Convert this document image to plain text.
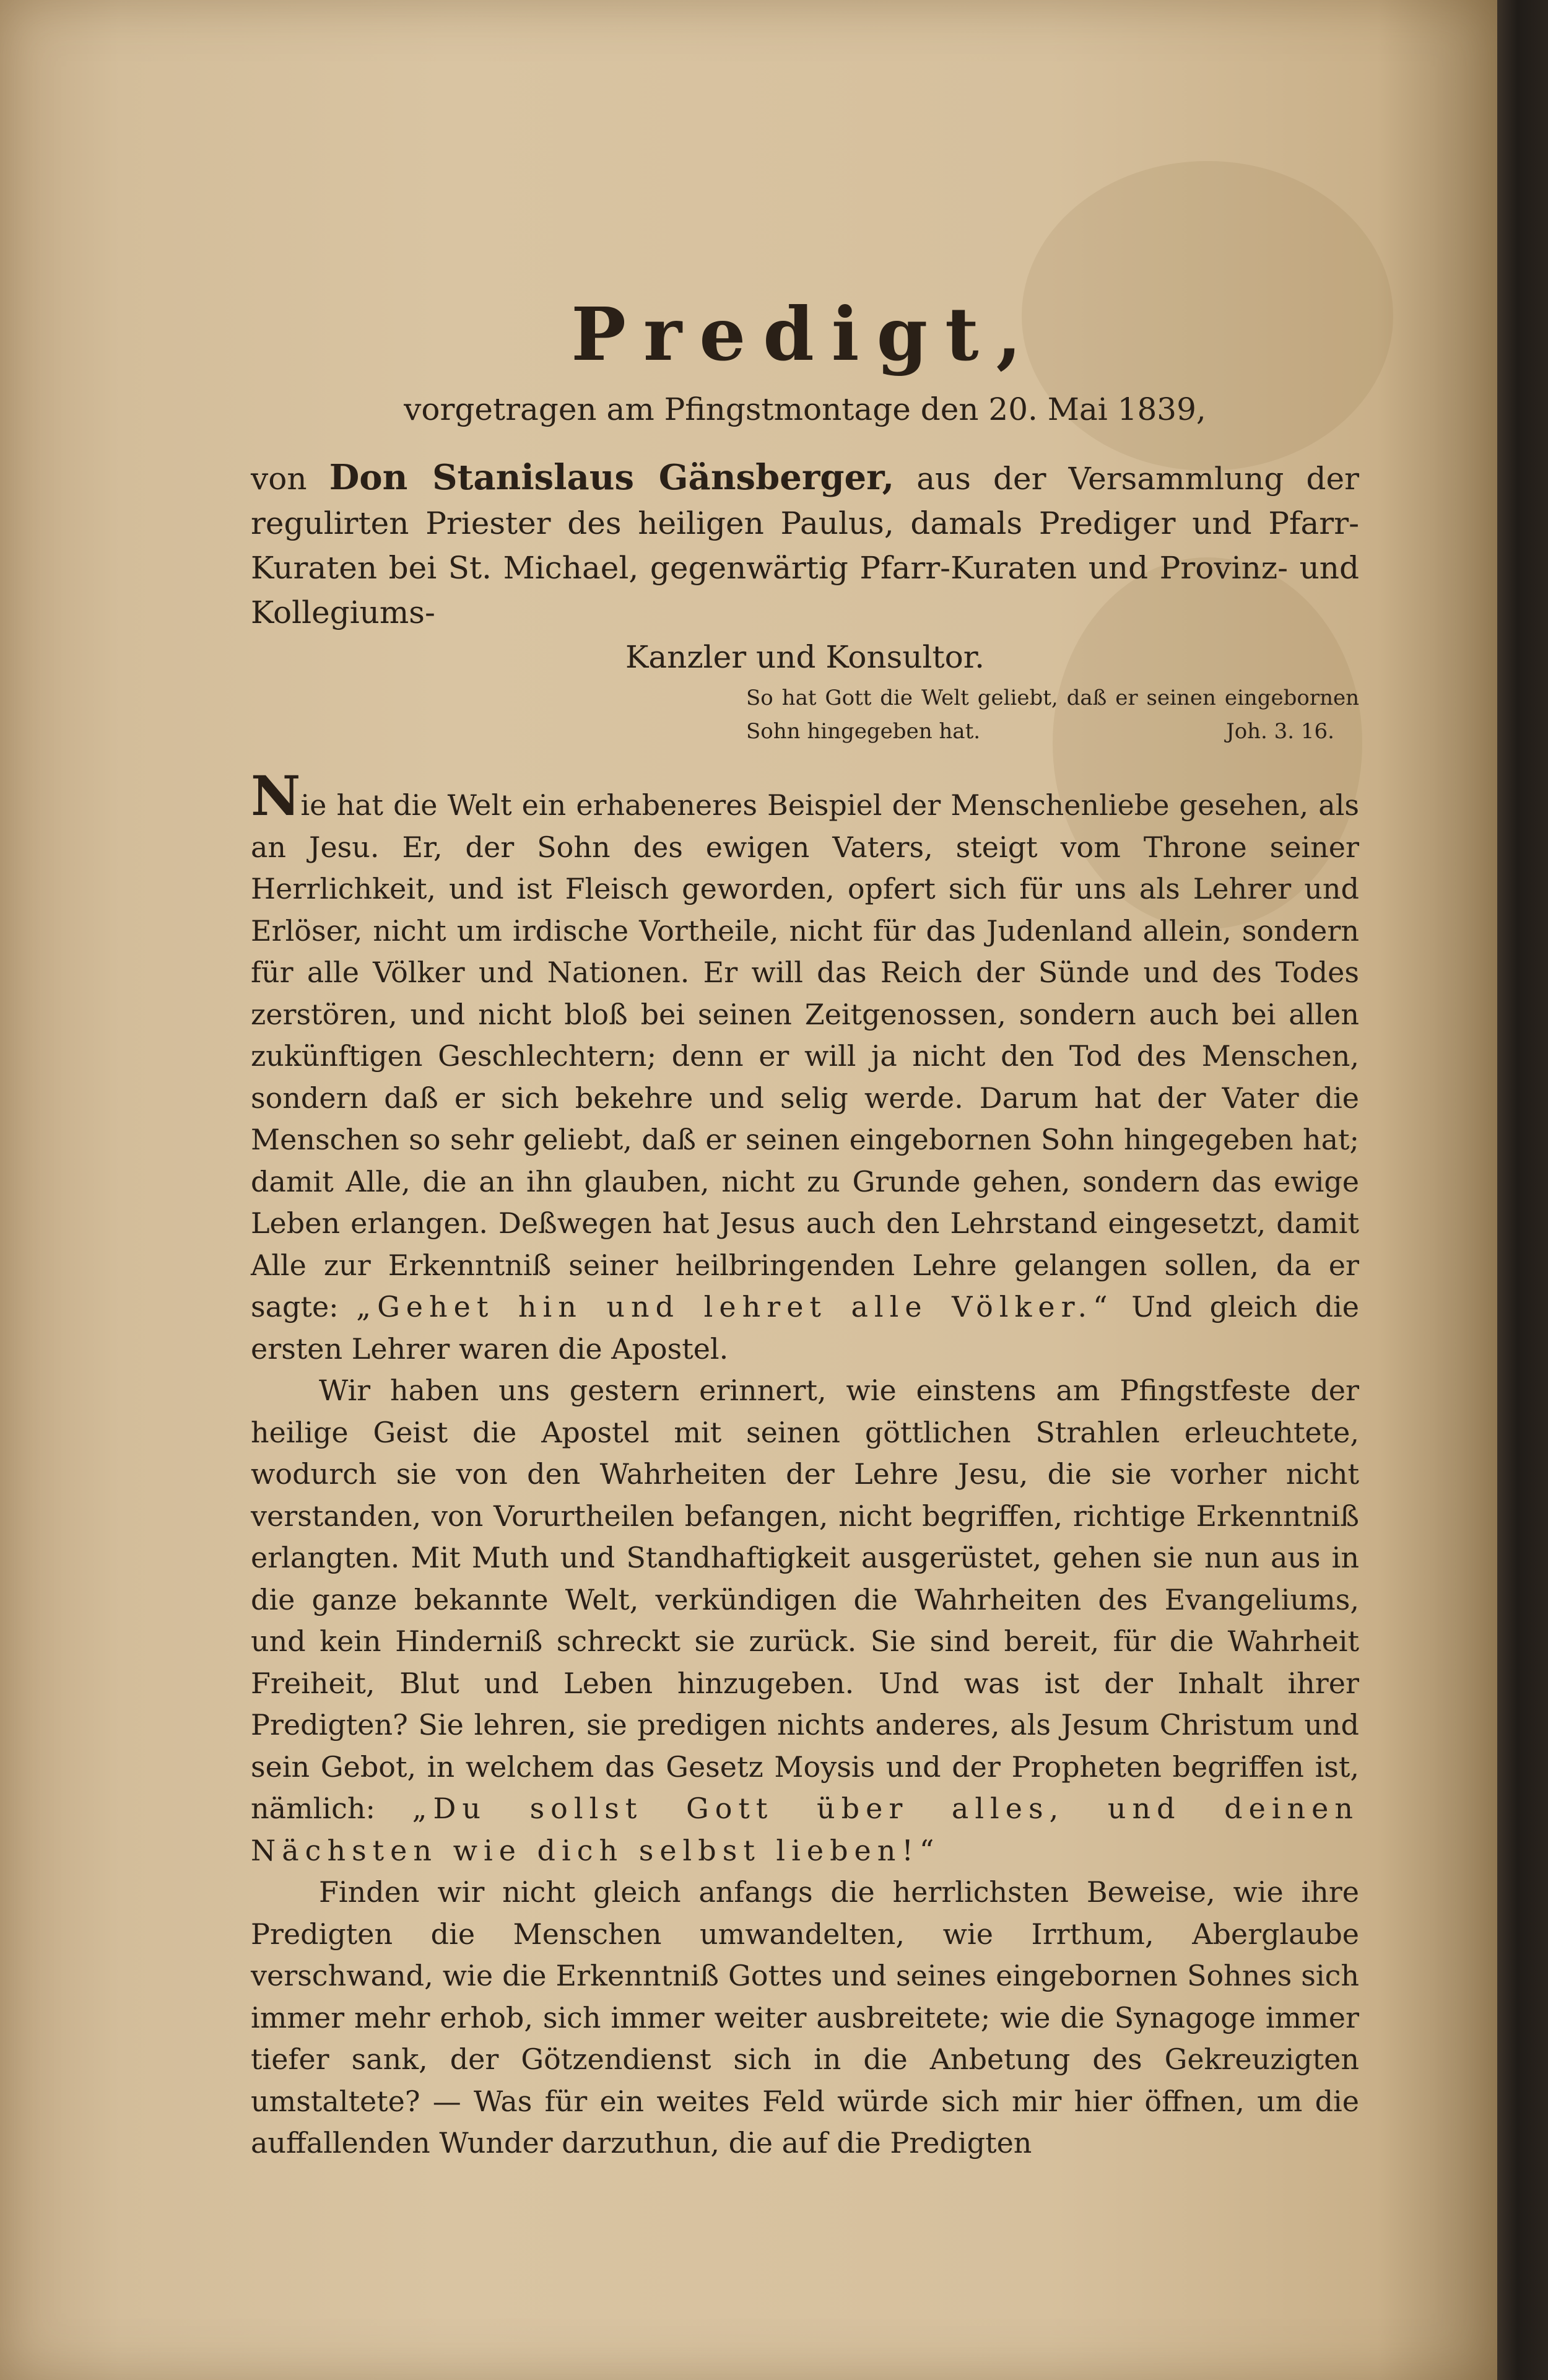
Predigt,
vorgetragen am Pfingstmontage den 20. Mai 1839,
von Don Stanislaus Gänsberger, aus der Versammlung der regulirten Priester des heiligen Paulus, damals Prediger und Pfarr-Kuraten bei St. Michael, gegenwärtig Pfarr-Kuraten und Provinz- und Kollegiums-
Kanzler und Konsultor.
So hat Gott die Welt geliebt, daß er seinen eingebornen Sohn hingegeben hat.	Joh. 3. 16.

Nie hat die Welt ein erhabeneres Beispiel der Menschenliebe gesehen, als an Jesu. Er, der Sohn des ewigen Vaters, steigt vom Throne seiner Herrlichkeit, und ist Fleisch geworden, opfert sich für uns als Lehrer und Erlöser, nicht um irdische Vortheile, nicht für das Judenland allein, sondern für alle Völker und Nationen. Er will das Reich der Sünde und des Todes zerstören, und nicht bloß bei seinen Zeitgenossen, sondern auch bei allen zukünftigen Geschlechtern; denn er will ja nicht den Tod des Menschen, sondern daß er sich bekehre und selig werde. Darum hat der Vater die Menschen so sehr geliebt, daß er seinen eingebornen Sohn hingegeben hat; damit Alle, die an ihn glauben, nicht zu Grunde gehen, sondern das ewige Leben erlangen. Deßwegen hat Jesus auch den Lehrstand eingesetzt, damit Alle zur Erkenntniß seiner heilbringenden Lehre gelangen sollen, da er sagte: „Gehet hin und lehret alle Völker.“ Und gleich die ersten Lehrer waren die Apostel.

Wir haben uns gestern erinnert, wie einstens am Pfingstfeste der heilige Geist die Apostel mit seinen göttlichen Strahlen erleuchtete, wodurch sie von den Wahrheiten der Lehre Jesu, die sie vorher nicht verstanden, von Vorurtheilen befangen, nicht begriffen, richtige Erkenntniß erlangten. Mit Muth und Standhaftigkeit ausgerüstet, gehen sie nun aus in die ganze bekannte Welt, verkündigen die Wahrheiten des Evangeliums, und kein Hinderniß schreckt sie zurück. Sie sind bereit, für die Wahrheit Freiheit, Blut und Leben hinzugeben. Und was ist der Inhalt ihrer Predigten? Sie lehren, sie predigen nichts anderes, als Jesum Christum und sein Gebot, in welchem das Gesetz Moysis und der Propheten begriffen ist, nämlich: „Du sollst Gott über alles, und deinen Nächsten wie dich selbst lieben!“

Finden wir nicht gleich anfangs die herrlichsten Beweise, wie ihre Predigten die Menschen umwandelten, wie Irrthum, Aberglaube verschwand, wie die Erkenntniß Gottes und seines eingebornen Sohnes sich immer mehr erhob, sich immer weiter ausbreitete; wie die Synagoge immer tiefer sank, der Götzendienst sich in die Anbetung des Gekreuzigten umstaltete? — Was für ein weites Feld würde sich mir hier öffnen, um die auffallenden Wunder darzuthun, die auf die Predigten
